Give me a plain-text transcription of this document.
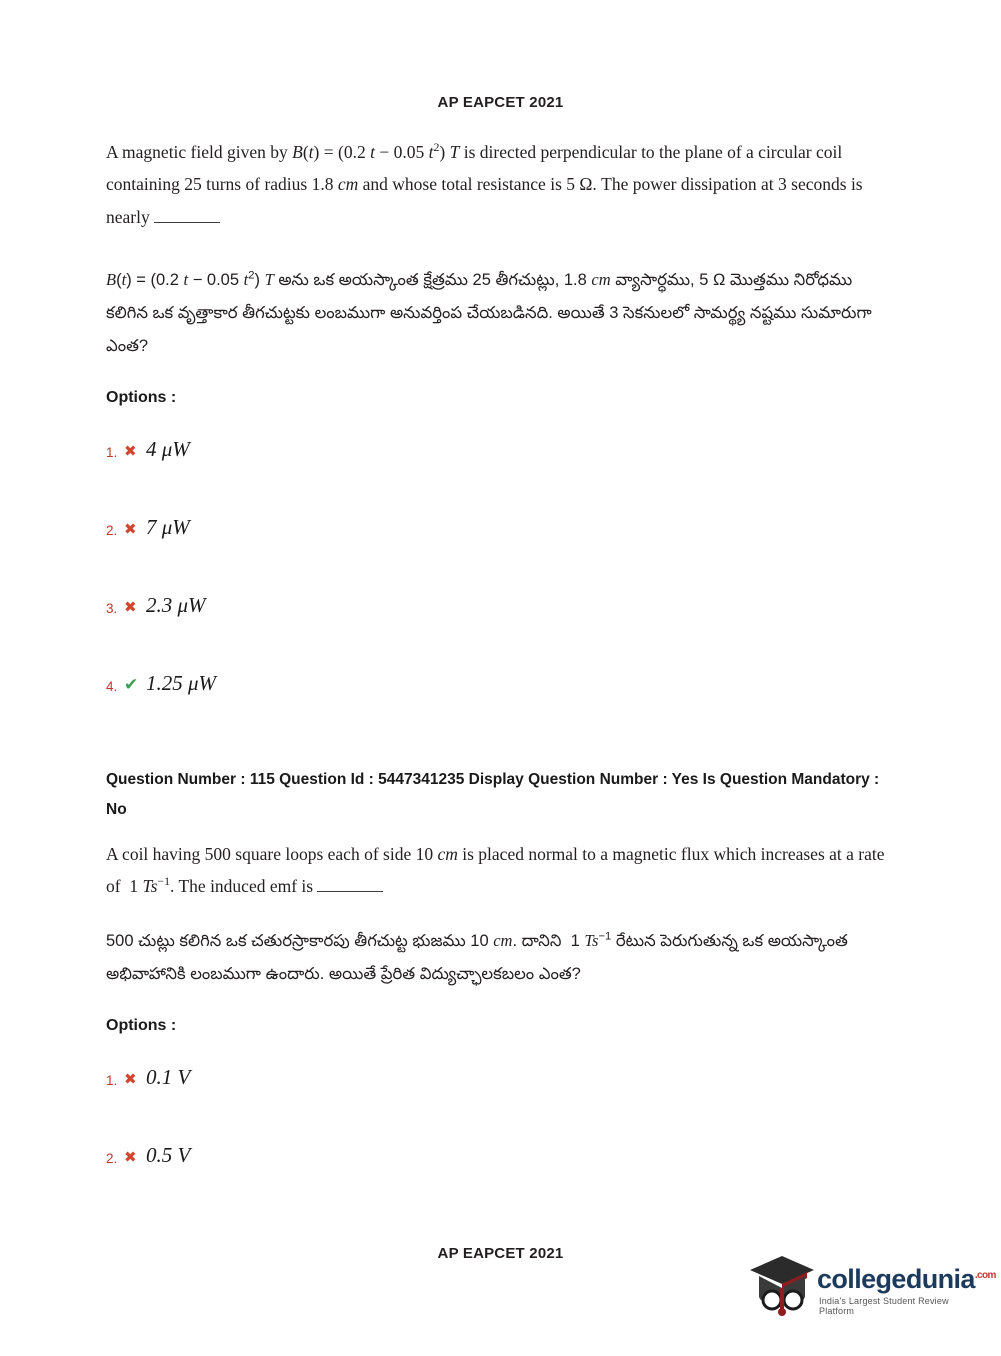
AP EAPCET 2021
A magnetic field given by B(t) = (0.2 t − 0.05 $t^2$) T is directed perpendicular to the plane of a circular coil containing 25 turns of radius 1.8 cm and whose total resistance is 5 Ω. The power dissipation at 3 seconds is nearly
B(t) = (0.2 t − 0.05 $t^2$) T అను ఒక అయస్కాంత క్షేత్రము 25 తీగచుట్లు, 1.8 cm వ్యాసార్ధము, 5 Ω మొత్తము నిరోధము కలిగిన ఒక వృత్తాకార తీగచుట్టకు లంబముగా అనువర్తింప చేయబడినది. అయితే 3 సెకనులలో సామర్థ్య నష్టము సుమారుగా ఎంత?
Options :
1. ✖ 4 μW
2. ✖ 7 μW
3. ✖ 2.3 μW
4. ✔ 1.25 μW
Question Number : 115 Question Id : 5447341235 Display Question Number : Yes Is Question Mandatory : No
A coil having 500 square loops each of side 10 cm is placed normal to a magnetic flux which increases at a rate of  1 $Ts^{-1}$. The induced emf is
500 చుట్లు కలిగిన ఒక చతురస్రాకారపు తీగచుట్ట భుజము 10 cm. దానిని  1 $Ts^{-1}$ రేటున పెరుగుతున్న ఒక అయస్కాంత అభివాహానికి లంబముగా ఉందారు. అయితే ప్రేరిత విద్యుచ్ఛాలకబలం ఎంత?
Options :
1. ✖ 0.1 V
2. ✖ 0.5 V
AP EAPCET 2021
collegedunia$^{.com}$
India's Largest Student Review Platform
